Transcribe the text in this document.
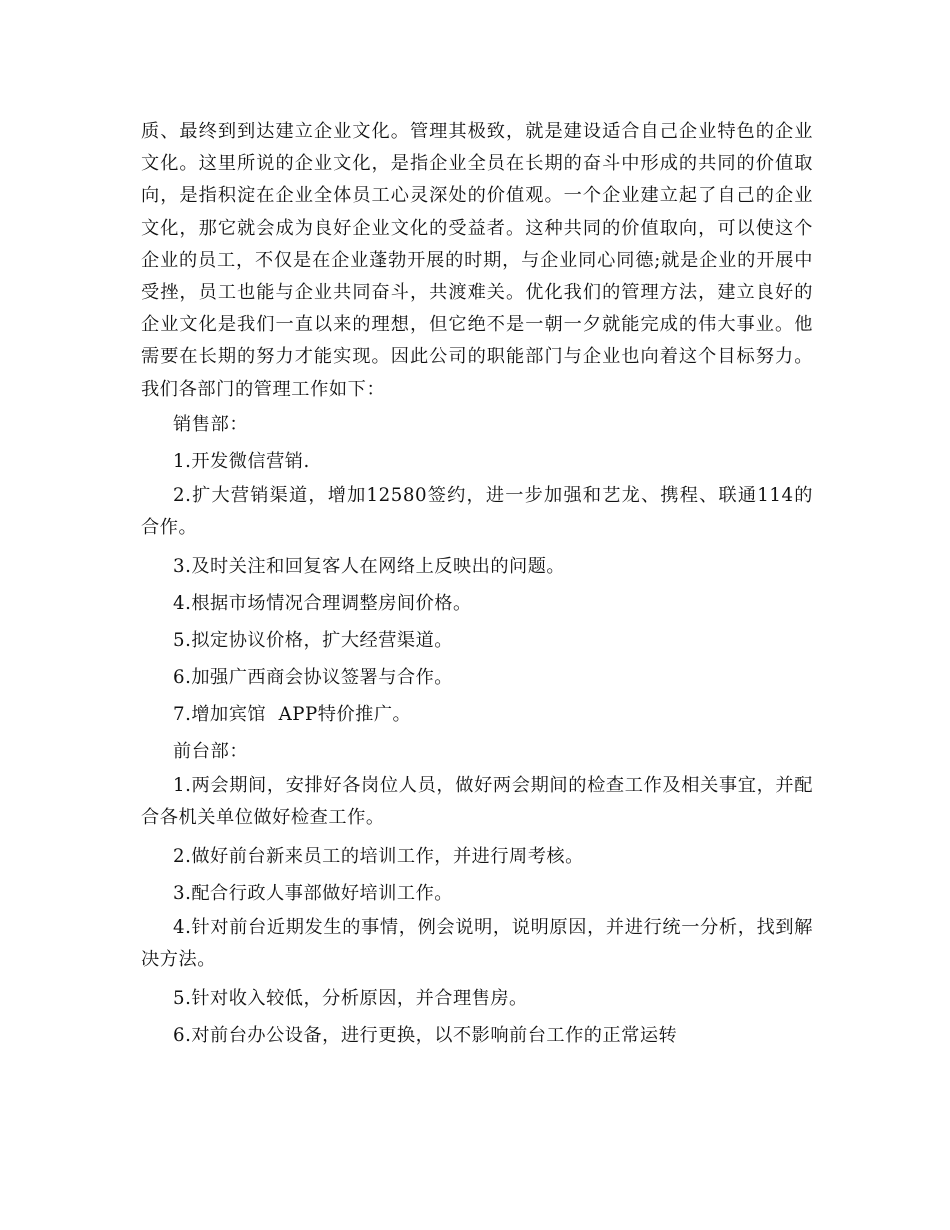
质、最终到到达建立企业文化。管理其极致，就是建设适合自己企业特色的企业文化。这里所说的企业文化，是指企业全员在长期的奋斗中形成的共同的价值取向，是指积淀在企业全体员工心灵深处的价值观。一个企业建立起了自己的企业文化，那它就会成为良好企业文化的受益者。这种共同的价值取向，可以使这个企业的员工，不仅是在企业蓬勃开展的时期，与企业同心同德;就是企业的开展中受挫，员工也能与企业共同奋斗，共渡难关。优化我们的管理方法，建立良好的企业文化是我们一直以来的理想，但它绝不是一朝一夕就能完成的伟大事业。他需要在长期的努力才能实现。因此公司的职能部门与企业也向着这个目标努力。我们各部门的管理工作如下：

销售部：

1.开发微信营销.

2.扩大营销渠道，增加12580签约，进一步加强和艺龙、携程、联通114的合作。

3.及时关注和回复客人在网络上反映出的问题。

4.根据市场情况合理调整房间价格。

5.拟定协议价格，扩大经营渠道。

6.加强广西商会协议签署与合作。

7.增加宾馆  APP特价推广。

前台部：

1.两会期间，安排好各岗位人员，做好两会期间的检查工作及相关事宜，并配合各机关单位做好检查工作。

2.做好前台新来员工的培训工作，并进行周考核。

3.配合行政人事部做好培训工作。

4.针对前台近期发生的事情，例会说明，说明原因，并进行统一分析，找到解决方法。

5.针对收入较低，分析原因，并合理售房。

6.对前台办公设备，进行更换，以不影响前台工作的正常运转
